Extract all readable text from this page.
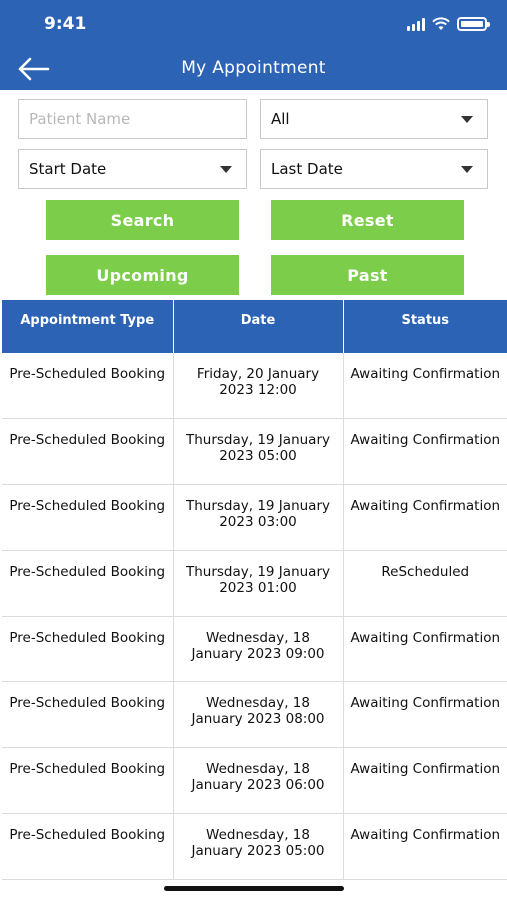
9:41
My Appointment
Patient Name
All
Start Date	Last Date
Search	Reset
Upcoming	Past
Appointment Type	Date	Status
Pre-Scheduled Booking	Friday, 20 January 2023 12:00	Awaiting Confirmation
Pre-Scheduled Booking	Thursday, 19 January 2023 05:00	Awaiting Confirmation
Pre-Scheduled Booking	Thursday, 19 January 2023 03:00	Awaiting Confirmation
Pre-Scheduled Booking	Thursday, 19 January 2023 01:00	ReScheduled
Pre-Scheduled Booking	Wednesday, 18 January 2023 09:00	Awaiting Confirmation
Pre-Scheduled Booking	Wednesday, 18 January 2023 08:00	Awaiting Confirmation
Pre-Scheduled Booking	Wednesday, 18 January 2023 06:00	Awaiting Confirmation
Pre-Scheduled Booking	Wednesday, 18 January 2023 05:00	Awaiting Confirmation
